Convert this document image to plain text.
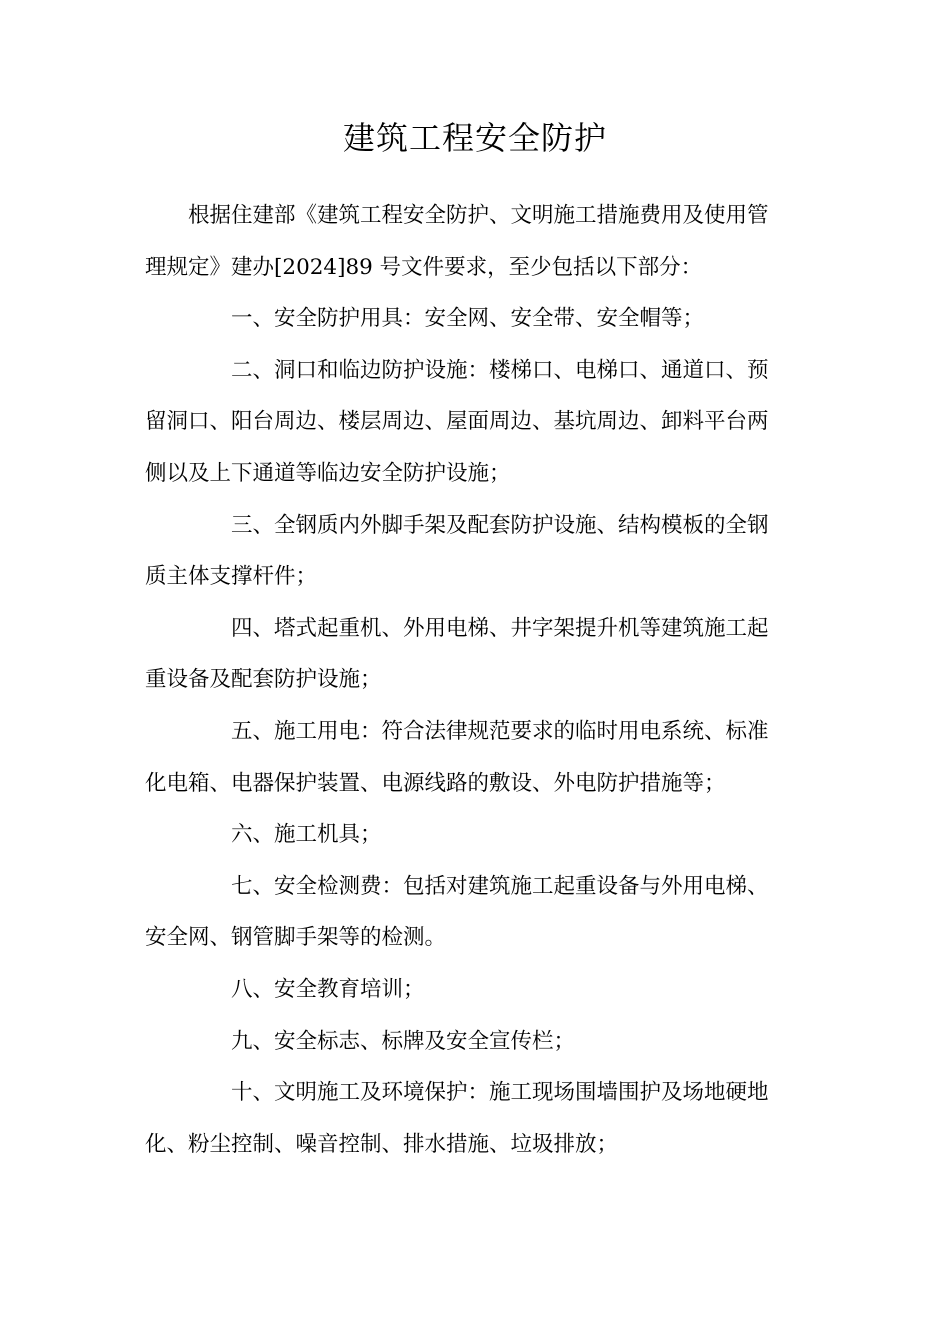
建筑工程安全防护
根据住建部《建筑工程安全防护、文明施工措施费用及使用管
理规定》建办[2024]89 号文件要求，至少包括以下部分：
一、安全防护用具：安全网、安全带、安全帽等；
二、洞口和临边防护设施：楼梯口、电梯口、通道口、预
留洞口、阳台周边、楼层周边、屋面周边、基坑周边、卸料平台两
侧以及上下通道等临边安全防护设施；
三、全钢质内外脚手架及配套防护设施、结构模板的全钢
质主体支撑杆件；
四、塔式起重机、外用电梯、井字架提升机等建筑施工起
重设备及配套防护设施；
五、施工用电：符合法律规范要求的临时用电系统、标准
化电箱、电器保护装置、电源线路的敷设、外电防护措施等；
六、施工机具；
七、安全检测费：包括对建筑施工起重设备与外用电梯、
安全网、钢管脚手架等的检测。
八、安全教育培训；
九、安全标志、标牌及安全宣传栏；
十、文明施工及环境保护：施工现场围墙围护及场地硬地
化、粉尘控制、噪音控制、排水措施、垃圾排放；
